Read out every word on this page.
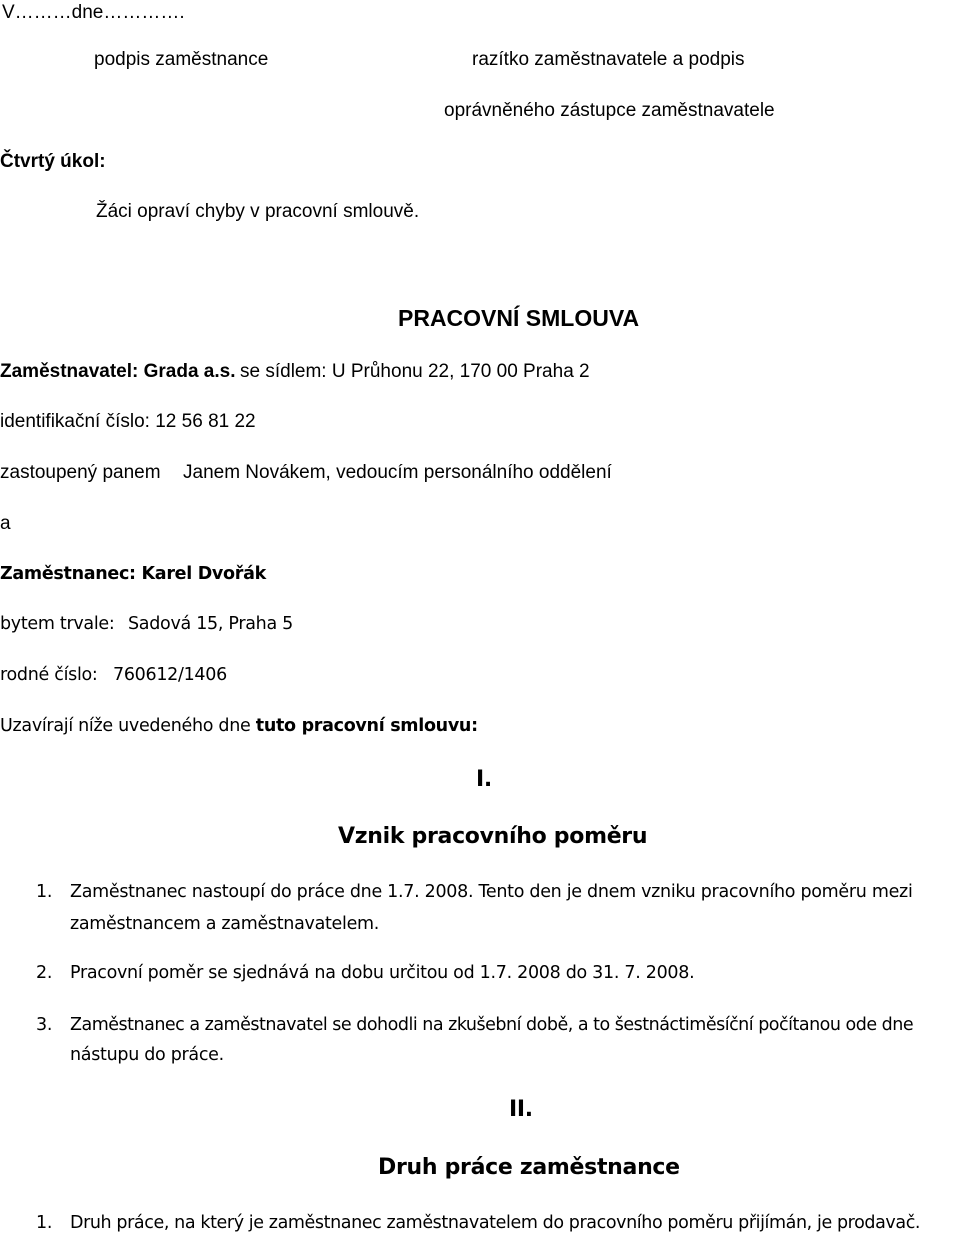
V………dne………….
podpis zaměstnance	razítko zaměstnavatele a podpis
oprávněného zástupce zaměstnavatele
Čtvrtý úkol:
Žáci opraví chyby v pracovní smlouvě.
PRACOVNÍ SMLOUVA
Zaměstnavatel: Grada a.s. se sídlem: U Průhonu 22, 170 00 Praha 2
identifikační číslo: 12 56 81 22
zastoupený panem Janem Novákem, vedoucím personálního oddělení
a
Zaměstnanec: Karel Dvořák
bytem trvale: Sadová 15, Praha 5
rodné číslo: 760612/1406
Uzavírají níže uvedeného dne tuto pracovní smlouvu:
I.
Vznik pracovního poměru
1. Zaměstnanec nastoupí do práce dne 1.7. 2008. Tento den je dnem vzniku pracovního poměru mezi
zaměstnancem a zaměstnavatelem.
2. Pracovní poměr se sjednává na dobu určitou od 1.7. 2008 do 31. 7. 2008.
3. Zaměstnanec a zaměstnavatel se dohodli na zkušební době, a to šestnáctiměsíční počítanou ode dne
nástupu do práce.
II.
Druh práce zaměstnance
1. Druh práce, na který je zaměstnanec zaměstnavatelem do pracovního poměru přijímán, je prodavač.
